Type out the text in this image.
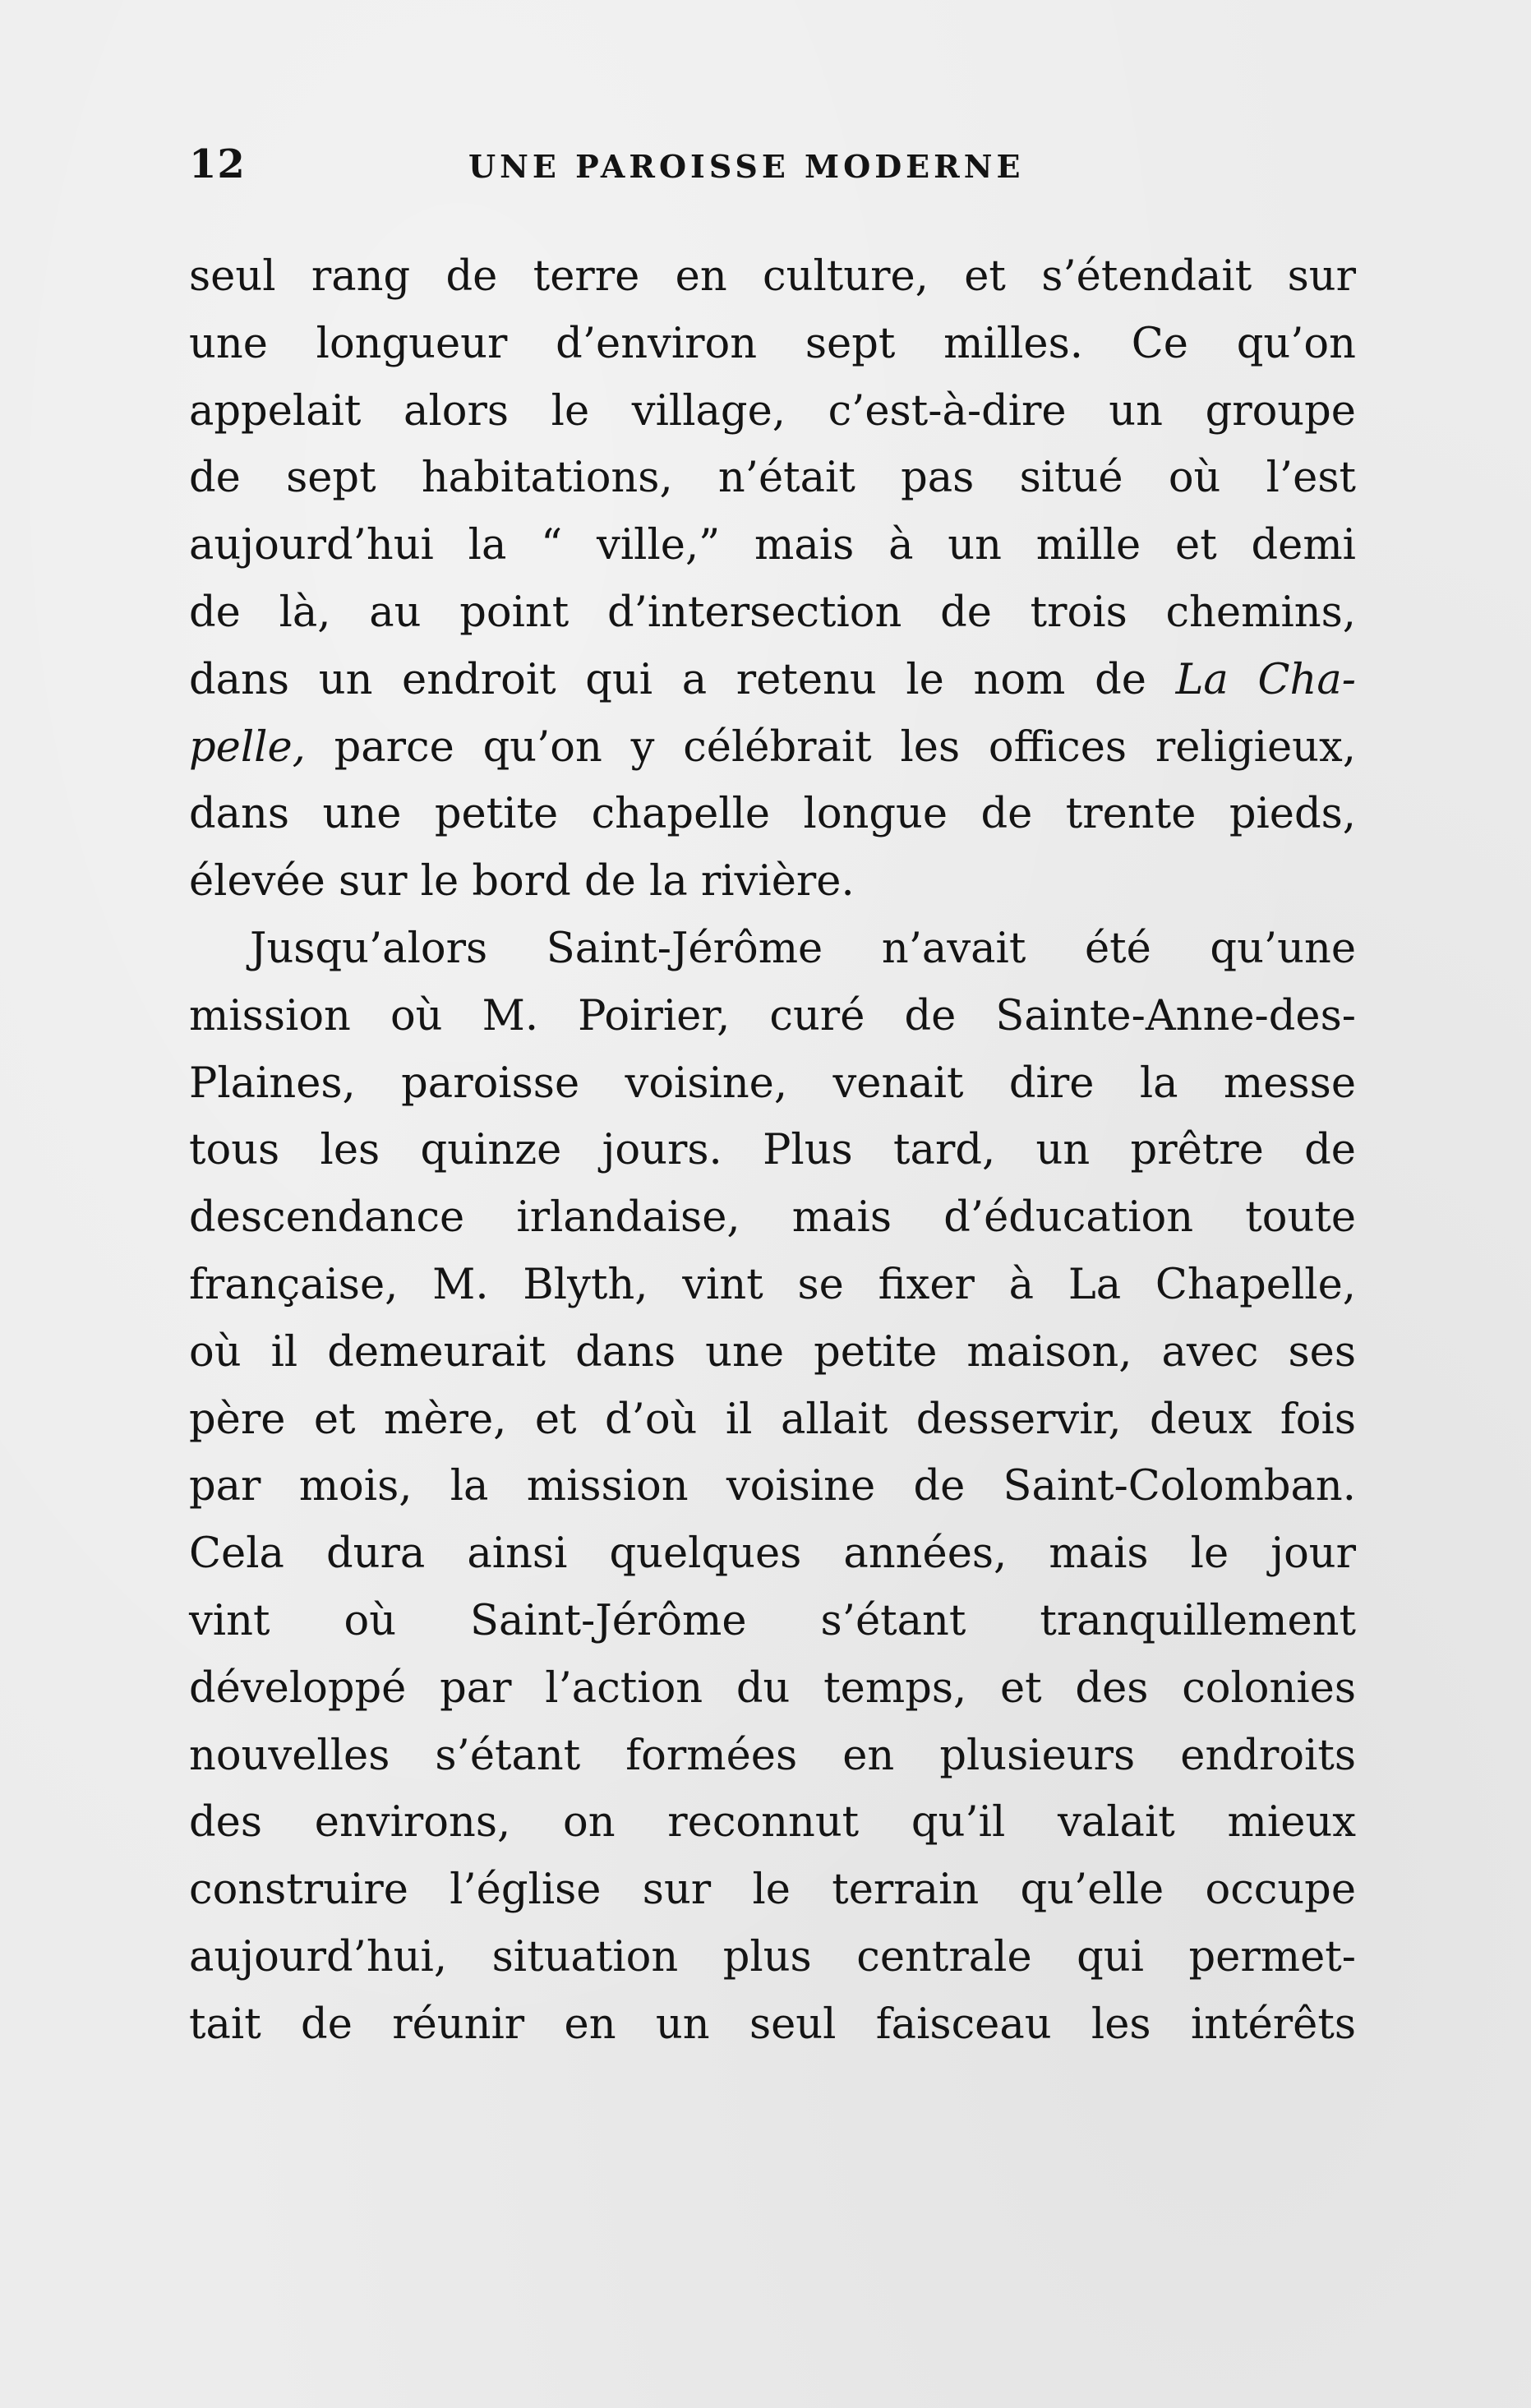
12	UNE PAROISSE MODERNE
seul rang de terre en culture, et s’étendait sur
une longueur d’environ sept milles. Ce qu’on
appelait alors le village, c’est-à-dire un groupe
de sept habitations, n’était pas situé où l’est
aujourd’hui la “ ville,” mais à un mille et demi
de là, au point d’intersection de trois chemins,
dans un endroit qui a retenu le nom de La Cha-
pelle, parce qu’on y célébrait les offices religieux,
dans une petite chapelle longue de trente pieds,
élevée sur le bord de la rivière.
Jusqu’alors Saint-Jérôme n’avait été qu’une
mission où M. Poirier, curé de Sainte-Anne-des-
Plaines, paroisse voisine, venait dire la messe
tous les quinze jours. Plus tard, un prêtre de
descendance irlandaise, mais d’éducation toute
française, M. Blyth, vint se fixer à La Chapelle,
où il demeurait dans une petite maison, avec ses
père et mère, et d’où il allait desservir, deux fois
par mois, la mission voisine de Saint-Colomban.
Cela dura ainsi quelques années, mais le jour
vint où Saint-Jérôme s’étant tranquillement
développé par l’action du temps, et des colonies
nouvelles s’étant formées en plusieurs endroits
des environs, on reconnut qu’il valait mieux
construire l’église sur le terrain qu’elle occupe
aujourd’hui, situation plus centrale qui permet-
tait de réunir en un seul faisceau les intérêts
